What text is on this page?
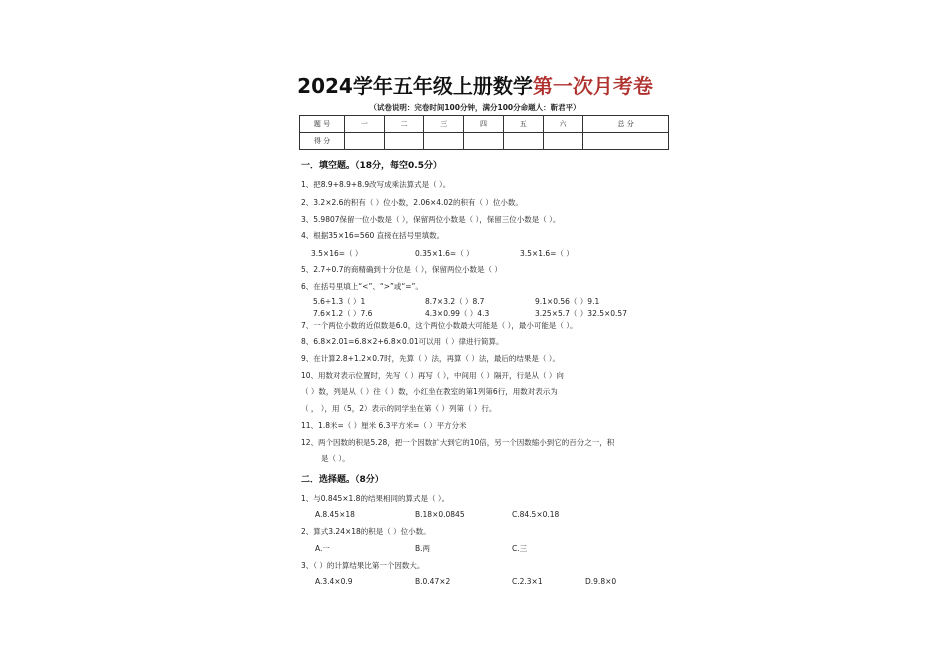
2024学年五年级上册数学第一次月考卷
（试卷说明：完卷时间100分钟，满分100分命题人：靳君平）
题 号	一	二	三	四	五	六	总 分
得 分							
一．填空题。（18分，每空0.5分）
1、把8.9+8.9+8.9改写成乘法算式是（ ）。
2、3.2×2.6的积有（ ）位小数，2.06×4.02的积有（ ）位小数。
3、5.9807保留一位小数是（ ），保留两位小数是（ ），保留三位小数是（ ）。
4、根据35×16=560 直接在括号里填数。
3.5×16=（ ）	0.35×1.6=（ ）	3.5×1.6=（ ）
5、2.7÷0.7的商精确到十分位是（ ），保留两位小数是（ ）
6、在括号里填上“<”、“>”或“=”。
5.6÷1.3（ ）1	8.7×3.2（ ）8.7	9.1×0.56（ ）9.1
7.6×1.2（ ）7.6	4.3×0.99（ ）4.3	3.25×5.7（ ）32.5×0.57
7、一个两位小数的近似数是6.0，这个两位小数最大可能是（ ），最小可能是（ ）。
8、6.8×2.01=6.8×2+6.8×0.01可以用（ ）律进行简算。
9、在计算2.8+1.2×0.7时，先算（ ）法，再算（ ）法，最后的结果是（ ）。
10、用数对表示位置时，先写（ ）再写（ ），中间用（ ）隔开，行是从（ ）向
（ ）数，列是从（ ）往（ ）数，小红坐在教室的第1列第6行，用数对表示为
（ ， ），用（5，2）表示的同学坐在第（ ）列第（ ）行。
11、1.8米=（ ）厘米 6.3平方米=（ ）平方分米
12、两个因数的积是5.28，把一个因数扩大到它的10倍，另一个因数缩小到它的百分之一，积
是（ ）。
二．选择题。（8分）
1、与0.845×1.8的结果相同的算式是（ ）。
A.8.45×18	B.18×0.0845	C.84.5×0.18
2、算式3.24×18的积是（ ）位小数。
A.一	B.两	C.三
3、（ ）的计算结果比第一个因数大。
A.3.4×0.9	B.0.47×2	C.2.3×1	D.9.8×0
